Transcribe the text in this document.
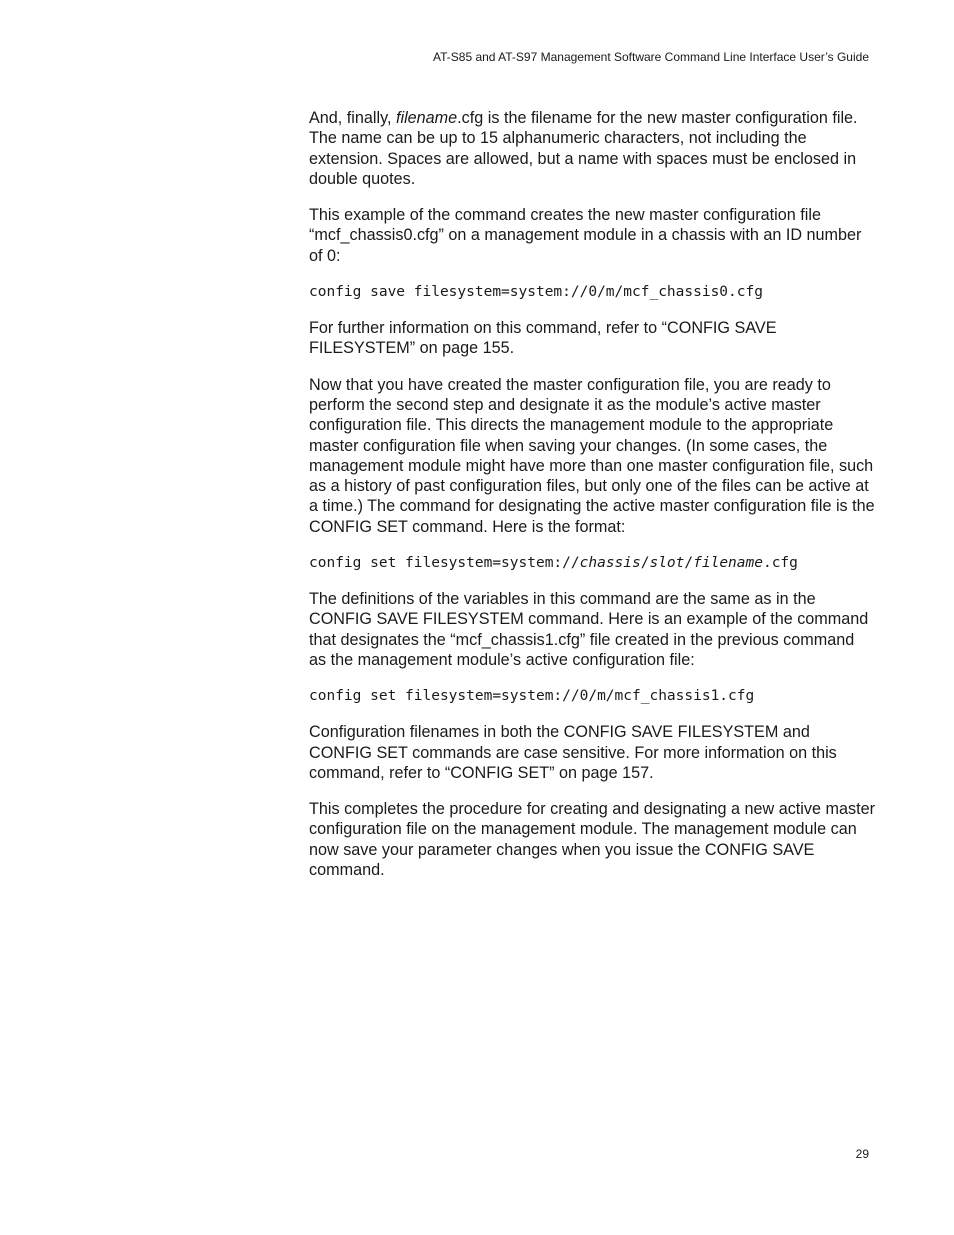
AT-S85 and AT-S97 Management Software Command Line Interface User’s Guide

And, finally, filename.cfg is the filename for the new master configuration file. The name can be up to 15 alphanumeric characters, not including the extension. Spaces are allowed, but a name with spaces must be enclosed in double quotes.

This example of the command creates the new master configuration file “mcf_chassis0.cfg” on a management module in a chassis with an ID number of 0:

config save filesystem=system://0/m/mcf_chassis0.cfg

For further information on this command, refer to “CONFIG SAVE FILESYSTEM” on page 155.

Now that you have created the master configuration file, you are ready to perform the second step and designate it as the module’s active master configuration file. This directs the management module to the appropriate master configuration file when saving your changes. (In some cases, the management module might have more than one master configuration file, such as a history of past configuration files, but only one of the files can be active at a time.) The command for designating the active master configuration file is the CONFIG SET command. Here is the format:

config set filesystem=system://chassis/slot/filename.cfg

The definitions of the variables in this command are the same as in the CONFIG SAVE FILESYSTEM command. Here is an example of the command that designates the “mcf_chassis1.cfg” file created in the previous command as the management module’s active configuration file:

config set filesystem=system://0/m/mcf_chassis1.cfg

Configuration filenames in both the CONFIG SAVE FILESYSTEM and CONFIG SET commands are case sensitive. For more information on this command, refer to “CONFIG SET” on page 157.

This completes the procedure for creating and designating a new active master configuration file on the management module. The management module can now save your parameter changes when you issue the CONFIG SAVE command.

29
